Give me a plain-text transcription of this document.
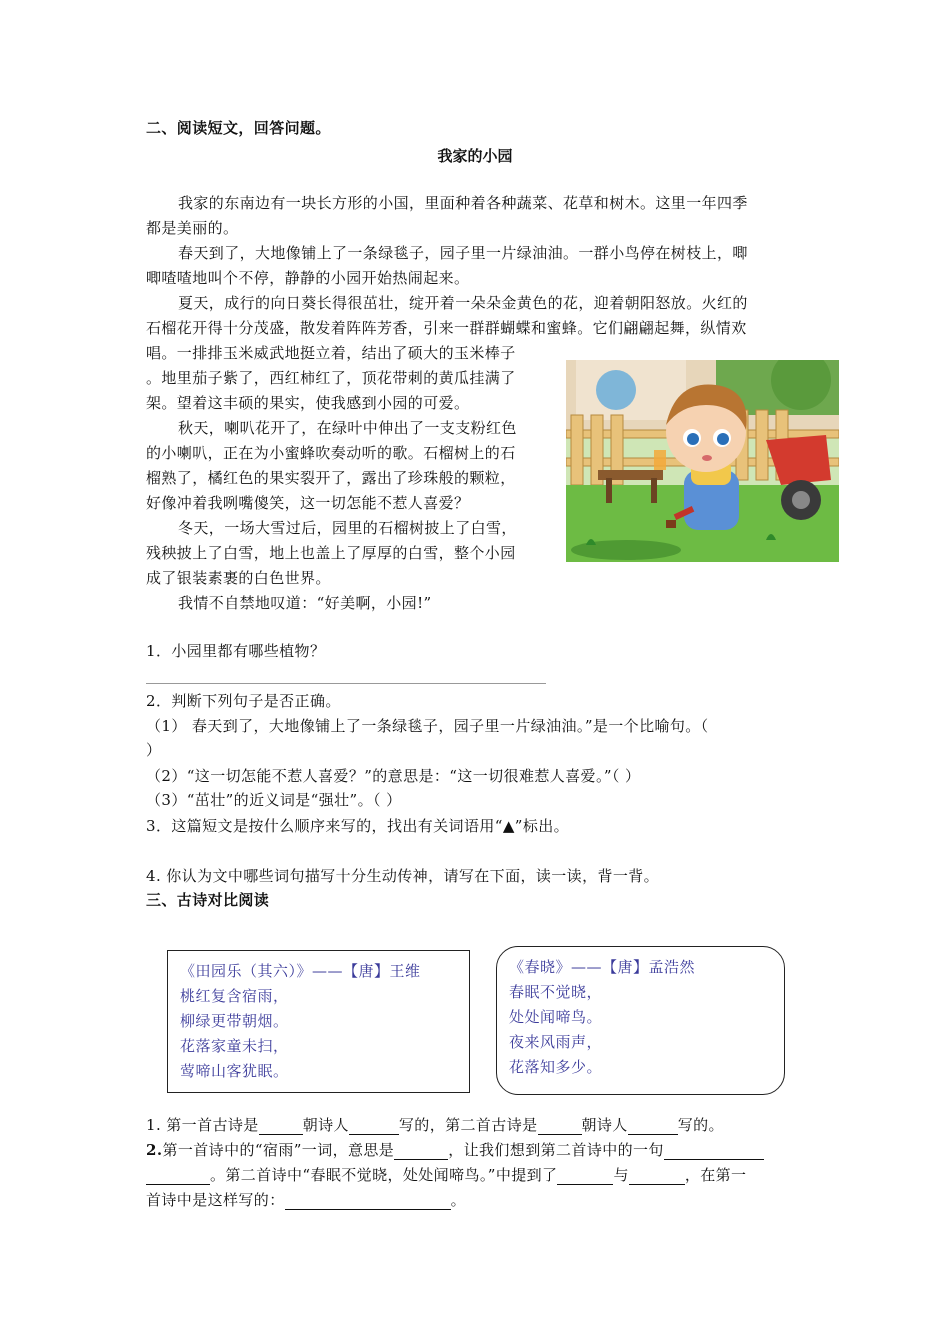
二、阅读短文，回答问题。
我家的小园
我家的东南边有一块长方形的小国，里面种着各种蔬菜、花草和树木。这里一年四季
都是美丽的。
春天到了，大地像铺上了一条绿毯子，园子里一片绿油油。一群小鸟停在树枝上，唧
唧喳喳地叫个不停，静静的小园开始热闹起来。
夏天，成行的向日葵长得很茁壮，绽开着一朵朵金黄色的花，迎着朝阳怒放。火红的
石榴花开得十分茂盛，散发着阵阵芳香，引来一群群蝴蝶和蜜蜂。它们翩翩起舞，纵情欢
唱。一排排玉米威武地挺立着，结出了硕大的玉米棒子
。地里茄子紫了，西红柿红了，顶花带刺的黄瓜挂满了
架。望着这丰硕的果实，使我感到小园的可爱。
秋天，喇叭花开了，在绿叶中伸出了一支支粉红色
的小喇叭，正在为小蜜蜂吹奏动听的歌。石榴树上的石
榴熟了，橘红色的果实裂开了，露出了珍珠般的颗粒，
好像冲着我咧嘴傻笑，这一切怎能不惹人喜爱？
冬天，一场大雪过后，园里的石榴树披上了白雪，
残秧披上了白雪，地上也盖上了厚厚的白雪，整个小园
成了银装素裹的白色世界。
我情不自禁地叹道：“好美啊，小园!”
1．小园里都有哪些植物？
2．判断下列句子是否正确。
（1） 春天到了，大地像铺上了一条绿毯子，园子里一片绿油油。”是一个比喻句。（
）
（2）“这一切怎能不惹人喜爱？”的意思是：“这一切很难惹人喜爱。”（ ）
（3）“茁壮”的近义词是“强壮”。（ ）
3．这篇短文是按什么顺序来写的，找出有关词语用“▲”标出。
4. 你认为文中哪些词句描写十分生动传神，请写在下面，读一读，背一背。
三、古诗对比阅读
《田园乐（其六）》——【唐】王维
桃红复含宿雨，
柳绿更带朝烟。
花落家童未扫，
莺啼山客犹眠。
《春晓》——【唐】孟浩然
春眠不觉晓，
处处闻啼鸟。
夜来风雨声，
花落知多少。
1. 第一首古诗是	朝诗人	写的，第二首古诗是	朝诗人	写的。
2.第一首诗中的“宿雨”一词，意思是	，让我们想到第二首诗中的一句
。第二首诗中“春眠不觉晓，处处闻啼鸟。”中提到了	与	，在第一
首诗中是这样写的：	。
